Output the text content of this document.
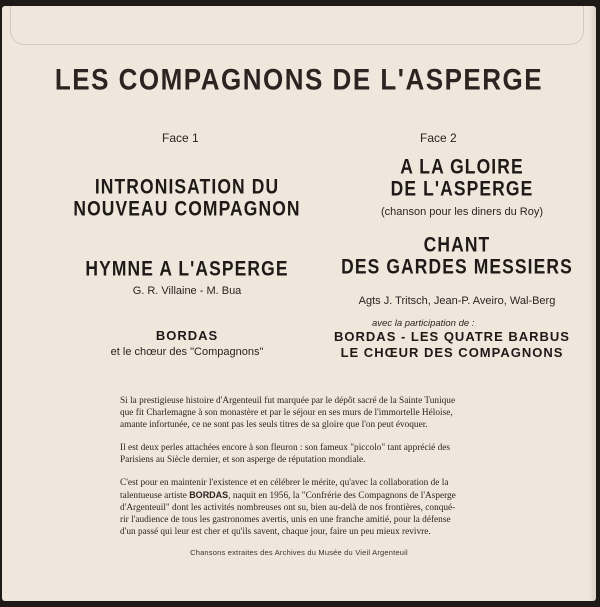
LES COMPAGNONS DE L'ASPERGE
Face 1
INTRONISATION DU
NOUVEAU COMPAGNON
HYMNE A L'ASPERGE
G. R. Villaine - M. Bua
BORDAS
et le chœur des "Compagnons"
Face 2
A LA GLOIRE
DE L'ASPERGE
(chanson pour les diners du Roy)
CHANT
DES GARDES MESSIERS
Agts J. Tritsch, Jean-P. Aveiro, Wal-Berg
avec la participation de :
BORDAS - LES QUATRE BARBUS
LE CHŒUR DES COMPAGNONS
Si la prestigieuse histoire d'Argenteuil fut marquée par le dépôt sacré de la Sainte Tunique
que fit Charlemagne à son monastère et par le séjour en ses murs de l'immortelle Héloise,
amante infortunée, ce ne sont pas les seuls titres de sa gloire que l'on peut évoquer.
Il est deux perles attachées encore à son fleuron : son fameux "piccolo" tant apprécié des
Parisiens au Siècle dernier, et son asperge de réputation mondiale.
C'est pour en maintenir l'existence et en célébrer le mérite, qu'avec la collaboration de la
talentueuse artiste BORDAS, naquit en 1956, la "Confrérie des Compagnons de l'Asperge
d'Argenteuil" dont les activités nombreuses ont su, bien au-delà de nos frontières, conqué-
rir l'audience de tous les gastronomes avertis, unis en une franche amitié, pour la défense
d'un passé qui leur est cher et qu'ils savent, chaque jour, faire un peu mieux revivre.
Chansons extraites des Archives du Musée du Vieil Argenteuil
